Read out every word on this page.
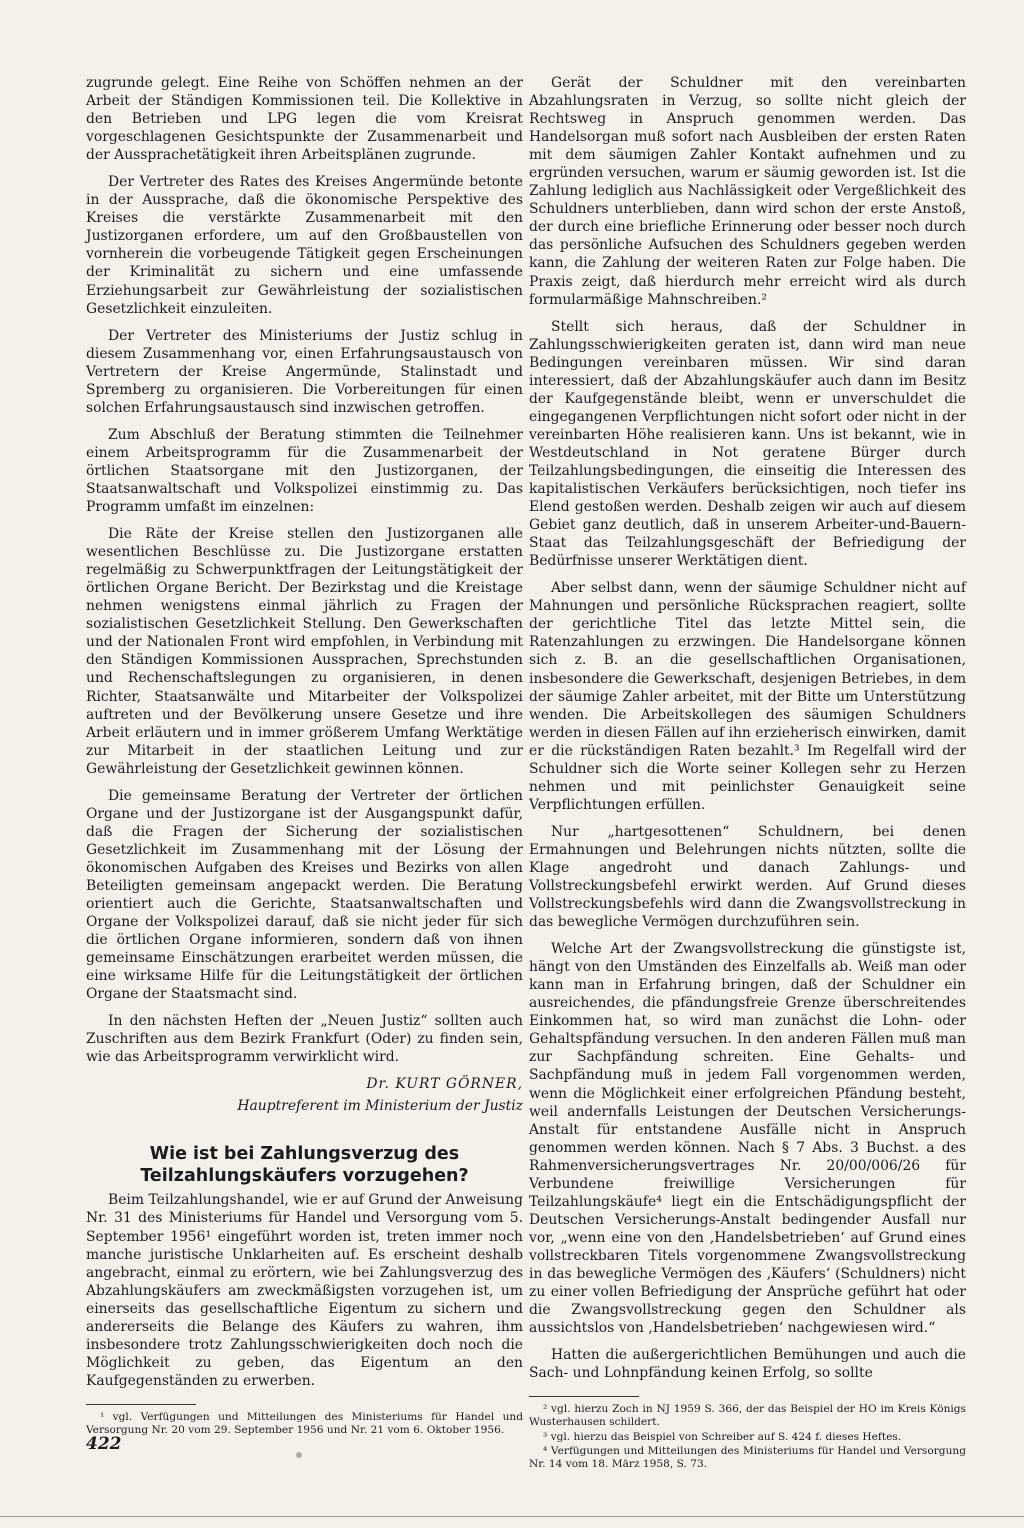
zugrunde gelegt. Eine Reihe von Schöffen nehmen an der Arbeit der Ständigen Kommissionen teil. Die Kollektive in den Betrieben und LPG legen die vom Kreisrat vorgeschlagenen Gesichtspunkte der Zusammenarbeit und der Aussprachetätigkeit ihren Arbeitsplänen zugrunde.

Der Vertreter des Rates des Kreises Angermünde betonte in der Aussprache, daß die ökonomische Perspektive des Kreises die verstärkte Zusammenarbeit mit den Justizorganen erfordere, um auf den Großbaustellen von vornherein die vorbeugende Tätigkeit gegen Erscheinungen der Kriminalität zu sichern und eine umfassende Erziehungsarbeit zur Gewährleistung der sozialistischen Gesetzlichkeit einzuleiten.

Der Vertreter des Ministeriums der Justiz schlug in diesem Zusammenhang vor, einen Erfahrungsaustausch von Vertretern der Kreise Angermünde, Stalinstadt und Spremberg zu organisieren. Die Vorbereitungen für einen solchen Erfahrungsaustausch sind inzwischen getroffen.

Zum Abschluß der Beratung stimmten die Teilnehmer einem Arbeitsprogramm für die Zusammenarbeit der örtlichen Staatsorgane mit den Justizorganen, der Staatsanwaltschaft und Volkspolizei einstimmig zu. Das Programm umfaßt im einzelnen:

Die Räte der Kreise stellen den Justizorganen alle wesentlichen Beschlüsse zu. Die Justizorgane erstatten regelmäßig zu Schwerpunktfragen der Leitungstätigkeit der örtlichen Organe Bericht. Der Bezirkstag und die Kreistage nehmen wenigstens einmal jährlich zu Fragen der sozialistischen Gesetzlichkeit Stellung. Den Gewerkschaften und der Nationalen Front wird empfohlen, in Verbindung mit den Ständigen Kommissionen Aussprachen, Sprechstunden und Rechenschaftslegungen zu organisieren, in denen Richter, Staatsanwälte und Mitarbeiter der Volkspolizei auftreten und der Bevölkerung unsere Gesetze und ihre Arbeit erläutern und in immer größerem Umfang Werktätige zur Mitarbeit in der staatlichen Leitung und zur Gewährleistung der Gesetzlichkeit gewinnen können.

Die gemeinsame Beratung der Vertreter der örtlichen Organe und der Justizorgane ist der Ausgangspunkt dafür, daß die Fragen der Sicherung der sozialistischen Gesetzlichkeit im Zusammenhang mit der Lösung der ökonomischen Aufgaben des Kreises und Bezirks von allen Beteiligten gemeinsam angepackt werden. Die Beratung orientiert auch die Gerichte, Staatsanwaltschaften und Organe der Volkspolizei darauf, daß sie nicht jeder für sich die örtlichen Organe informieren, sondern daß von ihnen gemeinsame Einschätzungen erarbeitet werden müssen, die eine wirksame Hilfe für die Leitungstätigkeit der örtlichen Organe der Staatsmacht sind.

In den nächsten Heften der „Neuen Justiz“ sollten auch Zuschriften aus dem Bezirk Frankfurt (Oder) zu finden sein, wie das Arbeitsprogramm verwirklicht wird.

Dr. KURT GÖRNER,

Hauptreferent im Ministerium der Justiz

Wie ist bei Zahlungsverzug des Teilzahlungskäufers vorzugehen?

Beim Teilzahlungshandel, wie er auf Grund der Anweisung Nr. 31 des Ministeriums für Handel und Versorgung vom 5. September 1956¹ eingeführt worden ist, treten immer noch manche juristische Unklarheiten auf. Es erscheint deshalb angebracht, einmal zu erörtern, wie bei Zahlungsverzug des Abzahlungskäufers am zweckmäßigsten vorzugehen ist, um einerseits das gesellschaftliche Eigentum zu sichern und andererseits die Belange des Käufers zu wahren, ihm insbesondere trotz Zahlungsschwierigkeiten doch noch die Möglichkeit zu geben, das Eigentum an den Kaufgegenständen zu erwerben.

¹ vgl. Verfügungen und Mitteilungen des Ministeriums für Handel und Versorgung Nr. 20 vom 29. September 1956 und Nr. 21 vom 6. Oktober 1956.

Gerät der Schuldner mit den vereinbarten Abzahlungsraten in Verzug, so sollte nicht gleich der Rechtsweg in Anspruch genommen werden. Das Handelsorgan muß sofort nach Ausbleiben der ersten Raten mit dem säumigen Zahler Kontakt aufnehmen und zu ergründen versuchen, warum er säumig geworden ist. Ist die Zahlung lediglich aus Nachlässigkeit oder Vergeßlichkeit des Schuldners unterblieben, dann wird schon der erste Anstoß, der durch eine briefliche Erinnerung oder besser noch durch das persönliche Aufsuchen des Schuldners gegeben werden kann, die Zahlung der weiteren Raten zur Folge haben. Die Praxis zeigt, daß hierdurch mehr erreicht wird als durch formularmäßige Mahnschreiben.²

Stellt sich heraus, daß der Schuldner in Zahlungsschwierigkeiten geraten ist, dann wird man neue Bedingungen vereinbaren müssen. Wir sind daran interessiert, daß der Abzahlungskäufer auch dann im Besitz der Kaufgegenstände bleibt, wenn er unverschuldet die eingegangenen Verpflichtungen nicht sofort oder nicht in der vereinbarten Höhe realisieren kann. Uns ist bekannt, wie in Westdeutschland in Not geratene Bürger durch Teilzahlungsbedingungen, die einseitig die Interessen des kapitalistischen Verkäufers berücksichtigen, noch tiefer ins Elend gestoßen werden. Deshalb zeigen wir auch auf diesem Gebiet ganz deutlich, daß in unserem Arbeiter-und-Bauern-Staat das Teilzahlungsgeschäft der Befriedigung der Bedürfnisse unserer Werktätigen dient.

Aber selbst dann, wenn der säumige Schuldner nicht auf Mahnungen und persönliche Rücksprachen reagiert, sollte der gerichtliche Titel das letzte Mittel sein, die Ratenzahlungen zu erzwingen. Die Handelsorgane können sich z. B. an die gesellschaftlichen Organisationen, insbesondere die Gewerkschaft, desjenigen Betriebes, in dem der säumige Zahler arbeitet, mit der Bitte um Unterstützung wenden. Die Arbeitskollegen des säumigen Schuldners werden in diesen Fällen auf ihn erzieherisch einwirken, damit er die rückständigen Raten bezahlt.³ Im Regelfall wird der Schuldner sich die Worte seiner Kollegen sehr zu Herzen nehmen und mit peinlichster Genauigkeit seine Verpflichtungen erfüllen.

Nur „hartgesottenen“ Schuldnern, bei denen Ermahnungen und Belehrungen nichts nützten, sollte die Klage angedroht und danach Zahlungs- und Vollstreckungsbefehl erwirkt werden. Auf Grund dieses Vollstreckungsbefehls wird dann die Zwangsvollstreckung in das bewegliche Vermögen durchzuführen sein.

Welche Art der Zwangsvollstreckung die günstigste ist, hängt von den Umständen des Einzelfalls ab. Weiß man oder kann man in Erfahrung bringen, daß der Schuldner ein ausreichendes, die pfändungsfreie Grenze überschreitendes Einkommen hat, so wird man zunächst die Lohn- oder Gehaltspfändung versuchen. In den anderen Fällen muß man zur Sachpfändung schreiten. Eine Gehalts- und Sachpfändung muß in jedem Fall vorgenommen werden, wenn die Möglichkeit einer erfolgreichen Pfändung besteht, weil andernfalls Leistungen der Deutschen Versicherungs-Anstalt für entstandene Ausfälle nicht in Anspruch genommen werden können. Nach § 7 Abs. 3 Buchst. a des Rahmenversicherungsvertrages Nr. 20/00/006/26 für Verbundene freiwillige Versicherungen für Teilzahlungskäufe⁴ liegt ein die Entschädigungspflicht der Deutschen Versicherungs-Anstalt bedingender Ausfall nur vor, „wenn eine von den ‚Handelsbetrieben‘ auf Grund eines vollstreckbaren Titels vorgenommene Zwangsvollstreckung in das bewegliche Vermögen des ‚Käufers‘ (Schuldners) nicht zu einer vollen Befriedigung der Ansprüche geführt hat oder die Zwangsvollstreckung gegen den Schuldner als aussichtslos von ‚Handelsbetrieben‘ nachgewiesen wird.“

Hatten die außergerichtlichen Bemühungen und auch die Sach- und Lohnpfändung keinen Erfolg, so sollte

² vgl. hierzu Zoch in NJ 1959 S. 366, der das Beispiel der HO im Kreis Königs Wusterhausen schildert.

³ vgl. hierzu das Beispiel von Schreiber auf S. 424 f. dieses Heftes.

⁴ Verfügungen und Mitteilungen des Ministeriums für Handel und Versorgung Nr. 14 vom 18. März 1958, S. 73.

422
